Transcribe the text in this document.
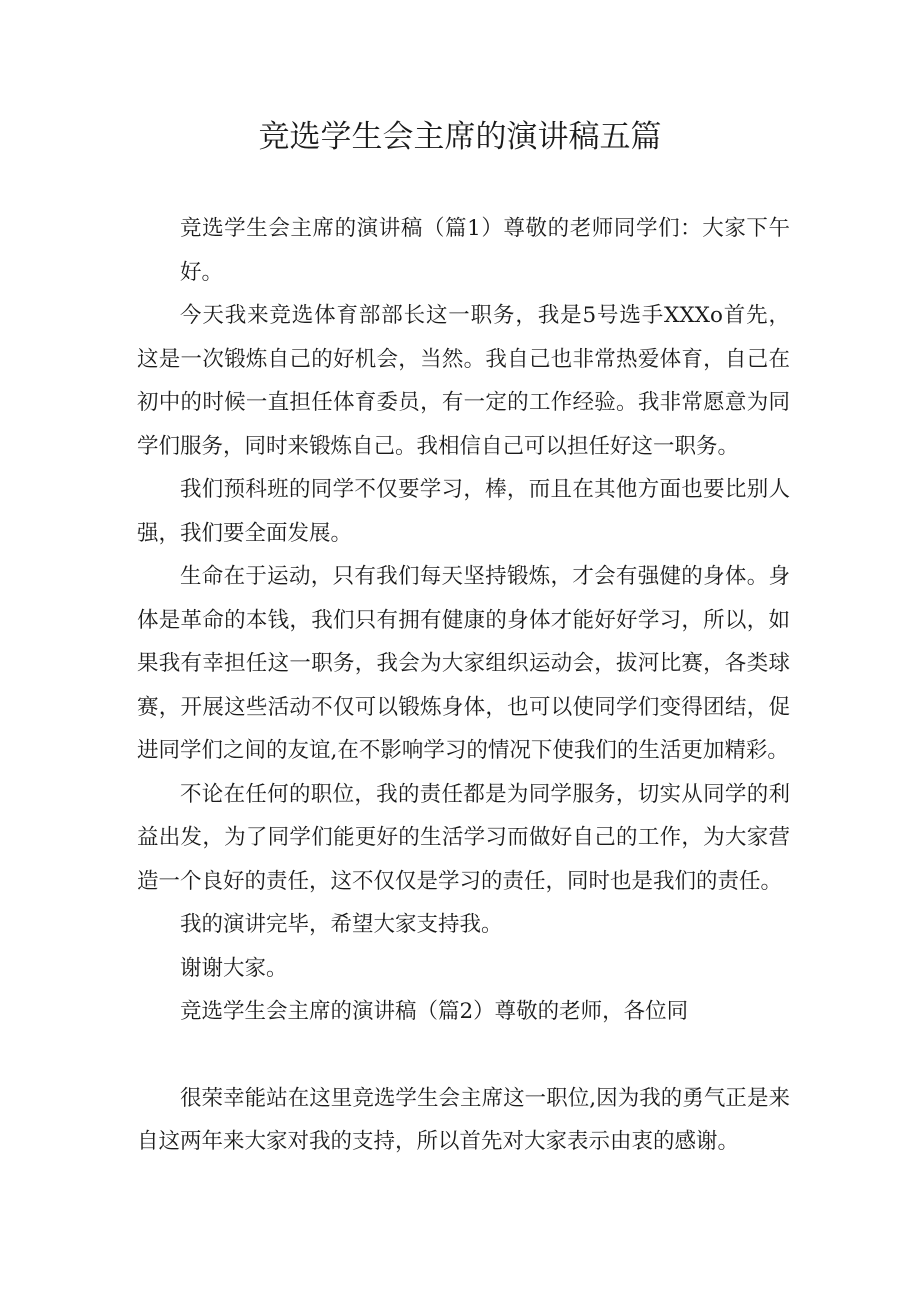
竞选学生会主席的演讲稿五篇

竞选学生会主席的演讲稿（篇1）尊敬的老师同学们：大家下午好。

今天我来竞选体育部部长这一职务，我是5号选手XXXo首先，这是一次锻炼自己的好机会，当然。我自己也非常热爱体育，自己在初中的时候一直担任体育委员，有一定的工作经验。我非常愿意为同学们服务，同时来锻炼自己。我相信自己可以担任好这一职务。

我们预科班的同学不仅要学习，棒，而且在其他方面也要比别人强，我们要全面发展。

生命在于运动，只有我们每天坚持锻炼，才会有强健的身体。身体是革命的本钱，我们只有拥有健康的身体才能好好学习，所以，如果我有幸担任这一职务，我会为大家组织运动会，拔河比赛，各类球赛，开展这些活动不仅可以锻炼身体，也可以使同学们变得团结，促进同学们之间的友谊,在不影响学习的情况下使我们的生活更加精彩。

不论在任何的职位，我的责任都是为同学服务，切实从同学的利益出发，为了同学们能更好的生活学习而做好自己的工作，为大家营造一个良好的责任，这不仅仅是学习的责任，同时也是我们的责任。

我的演讲完毕，希望大家支持我。

谢谢大家。

竞选学生会主席的演讲稿（篇2）尊敬的老师，各位同

很荣幸能站在这里竞选学生会主席这一职位,因为我的勇气正是来自这两年来大家对我的支持，所以首先对大家表示由衷的感谢。
